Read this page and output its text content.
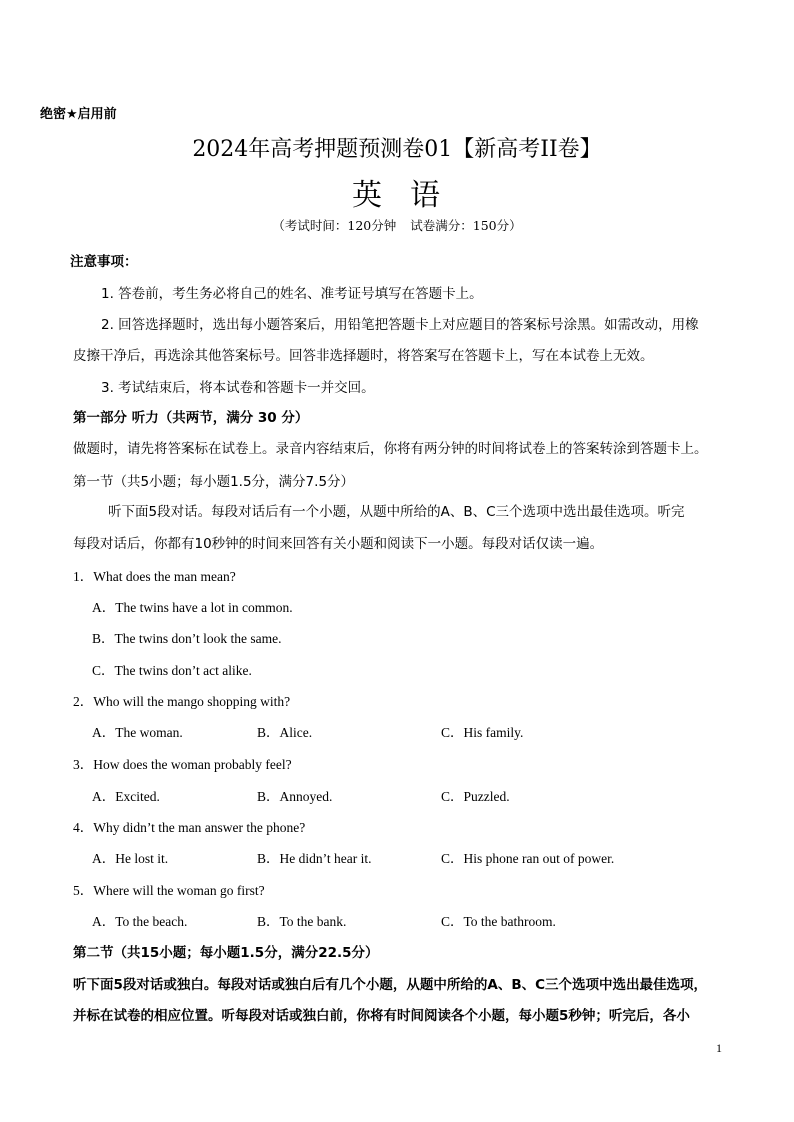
绝密★启用前
2024年高考押题预测卷01【新高考II卷】
英 语
（考试时间：120分钟 试卷满分：150分）
注意事项：
1. 答卷前，考生务必将自己的姓名、准考证号填写在答题卡上。
2. 回答选择题时，选出每小题答案后，用铅笔把答题卡上对应题目的答案标号涂黑。如需改动，用橡
皮擦干净后，再选涂其他答案标号。回答非选择题时，将答案写在答题卡上，写在本试卷上无效。
3. 考试结束后，将本试卷和答题卡一并交回。
第一部分 听力（共两节，满分 30 分）
做题时，请先将答案标在试卷上。录音内容结束后，你将有两分钟的时间将试卷上的答案转涂到答题卡上。
第一节（共5小题；每小题1.5分，满分7.5分）
听下面5段对话。每段对话后有一个小题，从题中所给的A、B、C三个选项中选出最佳选项。听完
每段对话后，你都有10秒钟的时间来回答有关小题和阅读下一小题。每段对话仅读一遍。
1．What does the man mean?
A．The twins have a lot in common.
B．The twins don’t look the same.
C．The twins don’t act alike.
2．Who will the mango shopping with?
A．The woman.	B．Alice.	C．His family.
3．How does the woman probably feel?
A．Excited.	B．Annoyed.	C．Puzzled.
4．Why didn’t the man answer the phone?
A．He lost it.	B．He didn’t hear it.	C．His phone ran out of power.
5．Where will the woman go first?
A．To the beach.	B．To the bank.	C．To the bathroom.
第二节（共15小题；每小题1.5分，满分22.5分）
听下面5段对话或独白。每段对话或独白后有几个小题，从题中所给的A、B、C三个选项中选出最佳选项，
并标在试卷的相应位置。听每段对话或独白前，你将有时间阅读各个小题，每小题5秒钟；听完后，各小
1
